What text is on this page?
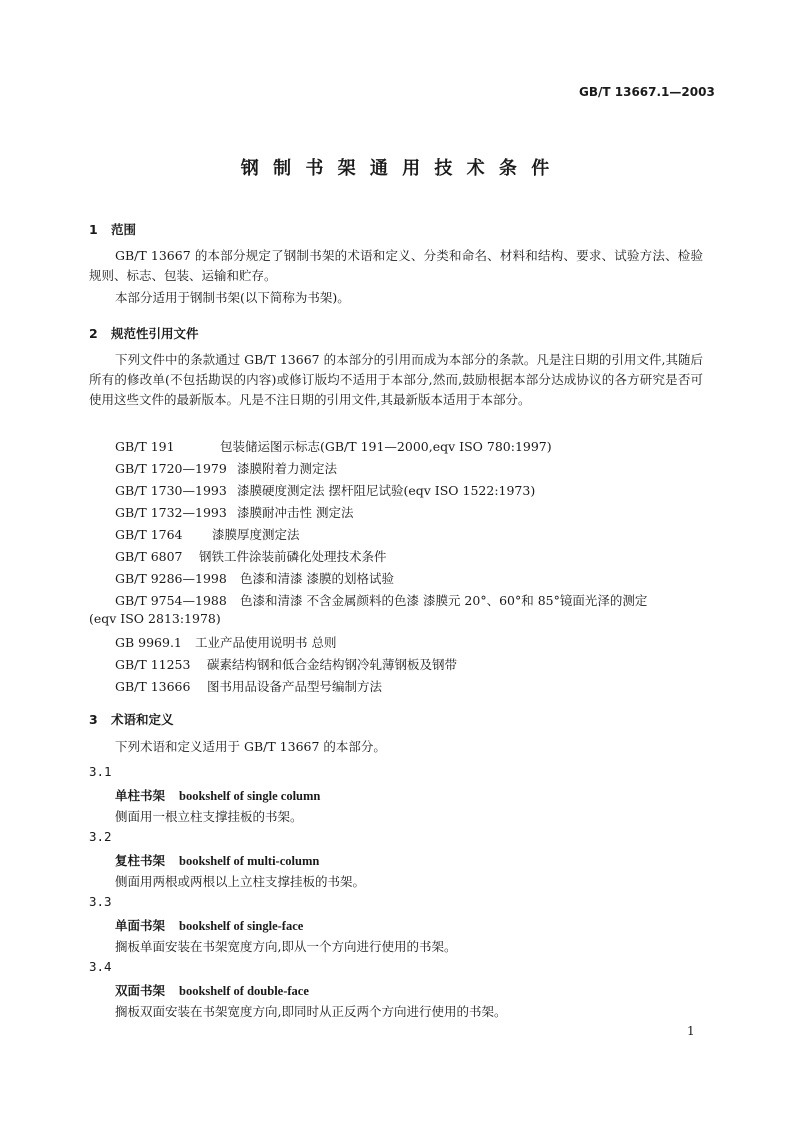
GB/T 13667.1—2003
钢 制 书 架 通 用 技 术 条 件
1 范围
GB/T 13667 的本部分规定了钢制书架的术语和定义、分类和命名、材料和结构、要求、试验方法、检验规则、标志、包装、运输和贮存。
本部分适用于钢制书架(以下简称为书架)。
2 规范性引用文件
下列文件中的条款通过 GB/T 13667 的本部分的引用而成为本部分的条款。凡是注日期的引用文件,其随后所有的修改单(不包括勘误的内容)或修订版均不适用于本部分,然而,鼓励根据本部分达成协议的各方研究是否可使用这些文件的最新版本。凡是不注日期的引用文件,其最新版本适用于本部分。
GB/T 191	包装储运图示标志(GB/T 191—2000,eqv ISO 780:1997)
GB/T 1720—1979 漆膜附着力测定法
GB/T 1730—1993 漆膜硬度测定法 摆杆阻尼试验(eqv ISO 1522:1973)
GB/T 1732—1993 漆膜耐冲击性 测定法
GB/T 1764 漆膜厚度测定法
GB/T 6807 钢铁工件涂装前磷化处理技术条件
GB/T 9286—1998 色漆和清漆 漆膜的划格试验
GB/T 9754—1988 色漆和清漆 不含金属颜料的色漆 漆膜元 20°、60°和 85°镜面光泽的测定
(eqv ISO 2813:1978)
GB 9969.1 工业产品使用说明书 总则
GB/T 11253 碳素结构钢和低合金结构钢冷轧薄钢板及钢带
GB/T 13666 图书用品设备产品型号编制方法
3 术语和定义
下列术语和定义适用于 GB/T 13667 的本部分。
3.1
单柱书架 bookshelf of single column
侧面用一根立柱支撑挂板的书架。
3.2
复柱书架 bookshelf of multi-column
侧面用两根或两根以上立柱支撑挂板的书架。
3.3
单面书架 bookshelf of single-face
搁板单面安装在书架宽度方向,即从一个方向进行使用的书架。
3.4
双面书架 bookshelf of double-face
搁板双面安装在书架宽度方向,即同时从正反两个方向进行使用的书架。
1
